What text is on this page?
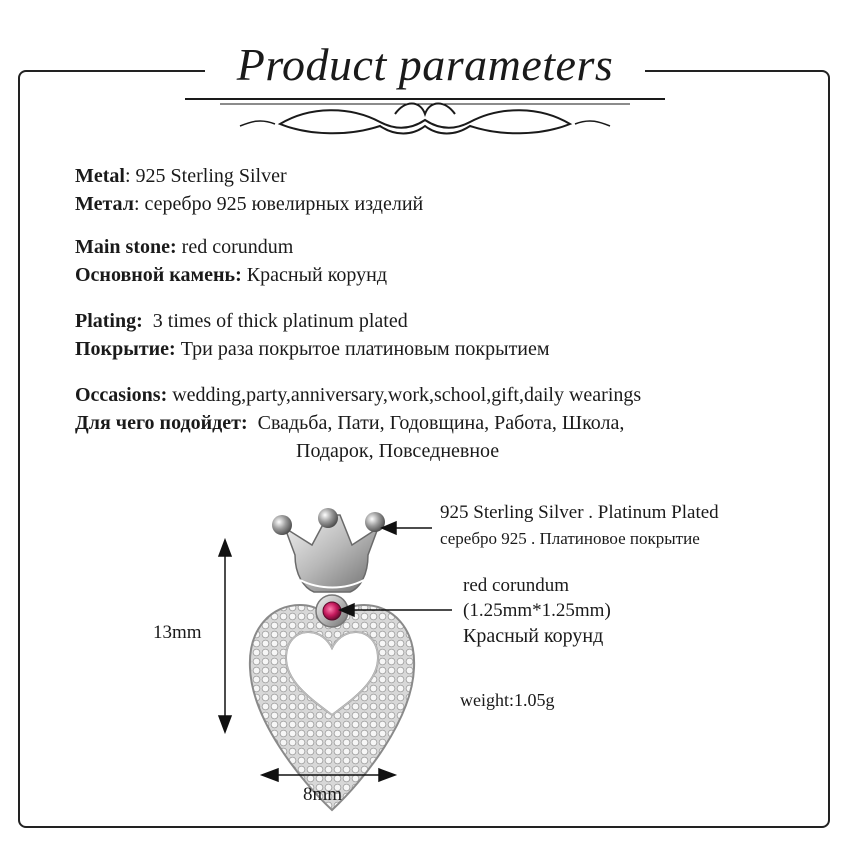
Product parameters
Metal: 925 Sterling Silver
Метал: серебро 925 ювелирных изделий
Main stone: red corundum
Основной камень: Красный корунд
Plating: 3 times of thick platinum plated
Покрытие: Три раза покрытое платиновым покрытием
Occasions: wedding,party,anniversary,work,school,gift,daily wearings
Для чего подойдет: Свадьба, Пати, Годовщина, Работа, Школа,
Подарок, Повседневное
13mm
8mm
925 Sterling Silver . Platinum Plated
серебро 925 . Платиновое покрытие
red corundum
(1.25mm*1.25mm)
Красный корунд
weight:1.05g
